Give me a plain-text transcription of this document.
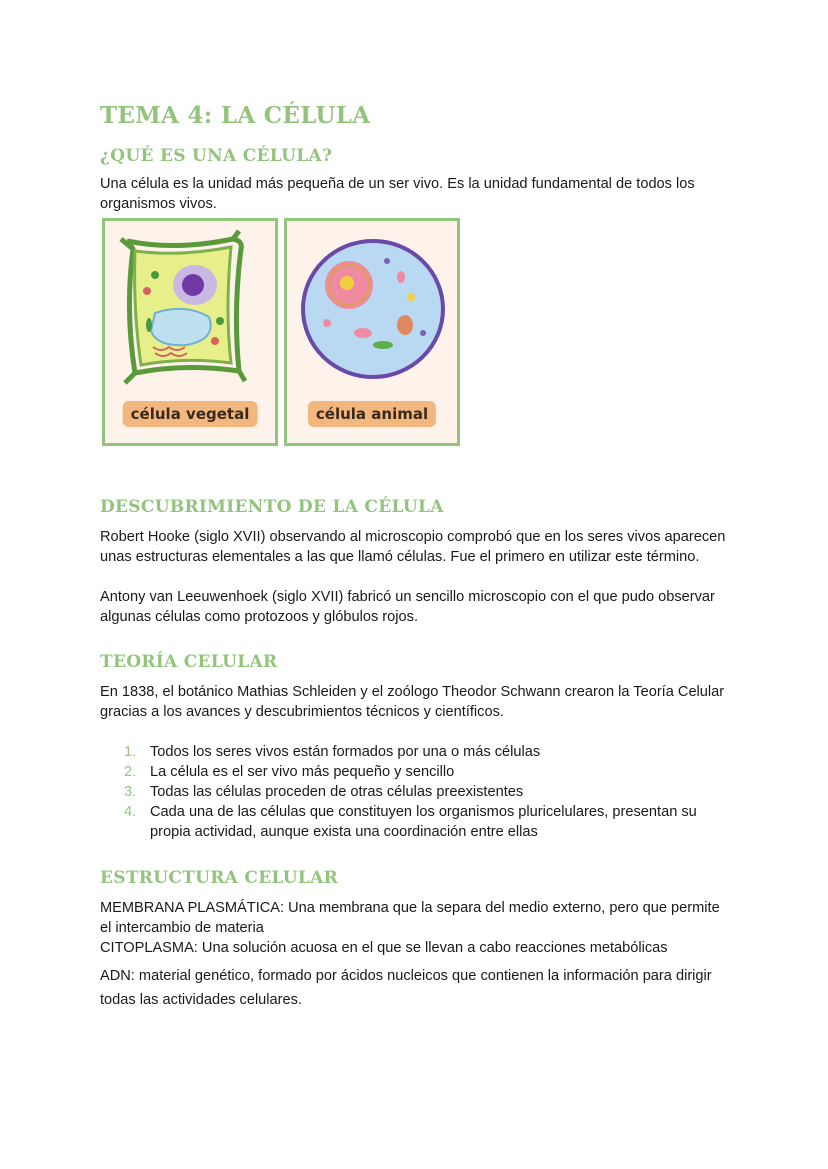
TEMA 4: LA CÉLULA
¿QUÉ ES UNA CÉLULA?

Una célula es la unidad más pequeña de un ser vivo. Es la unidad fundamental de todos los organismos vivos.

célula vegetal	célula animal
DESCUBRIMIENTO DE LA CÉLULA

Robert Hooke (siglo XVII) observando al microscopio comprobó que en los seres vivos aparecen unas estructuras elementales a las que llamó células. Fue el primero en utilizar este término.

Antony van Leeuwenhoek (siglo XVII) fabricó un sencillo microscopio con el que pudo observar algunas células como protozoos y glóbulos rojos.

TEORÍA CELULAR

En 1838, el botánico Mathias Schleiden y el zoólogo Theodor Schwann crearon la Teoría Celular gracias a los avances y descubrimientos técnicos y científicos.

1. Todos los seres vivos están formados por una o más células
2. La célula es el ser vivo más pequeño y sencillo
3. Todas las células proceden de otras células preexistentes
4. Cada una de las células que constituyen los organismos pluricelulares, presentan su propia actividad, aunque exista una coordinación entre ellas
ESTRUCTURA CELULAR

MEMBRANA PLASMÁTICA: Una membrana que la separa del medio externo, pero que permite el intercambio de materia

CITOPLASMA: Una solución acuosa en el que se llevan a cabo reacciones metabólicas

ADN: material genético, formado por ácidos nucleicos que contienen la información para dirigir todas las actividades celulares.
